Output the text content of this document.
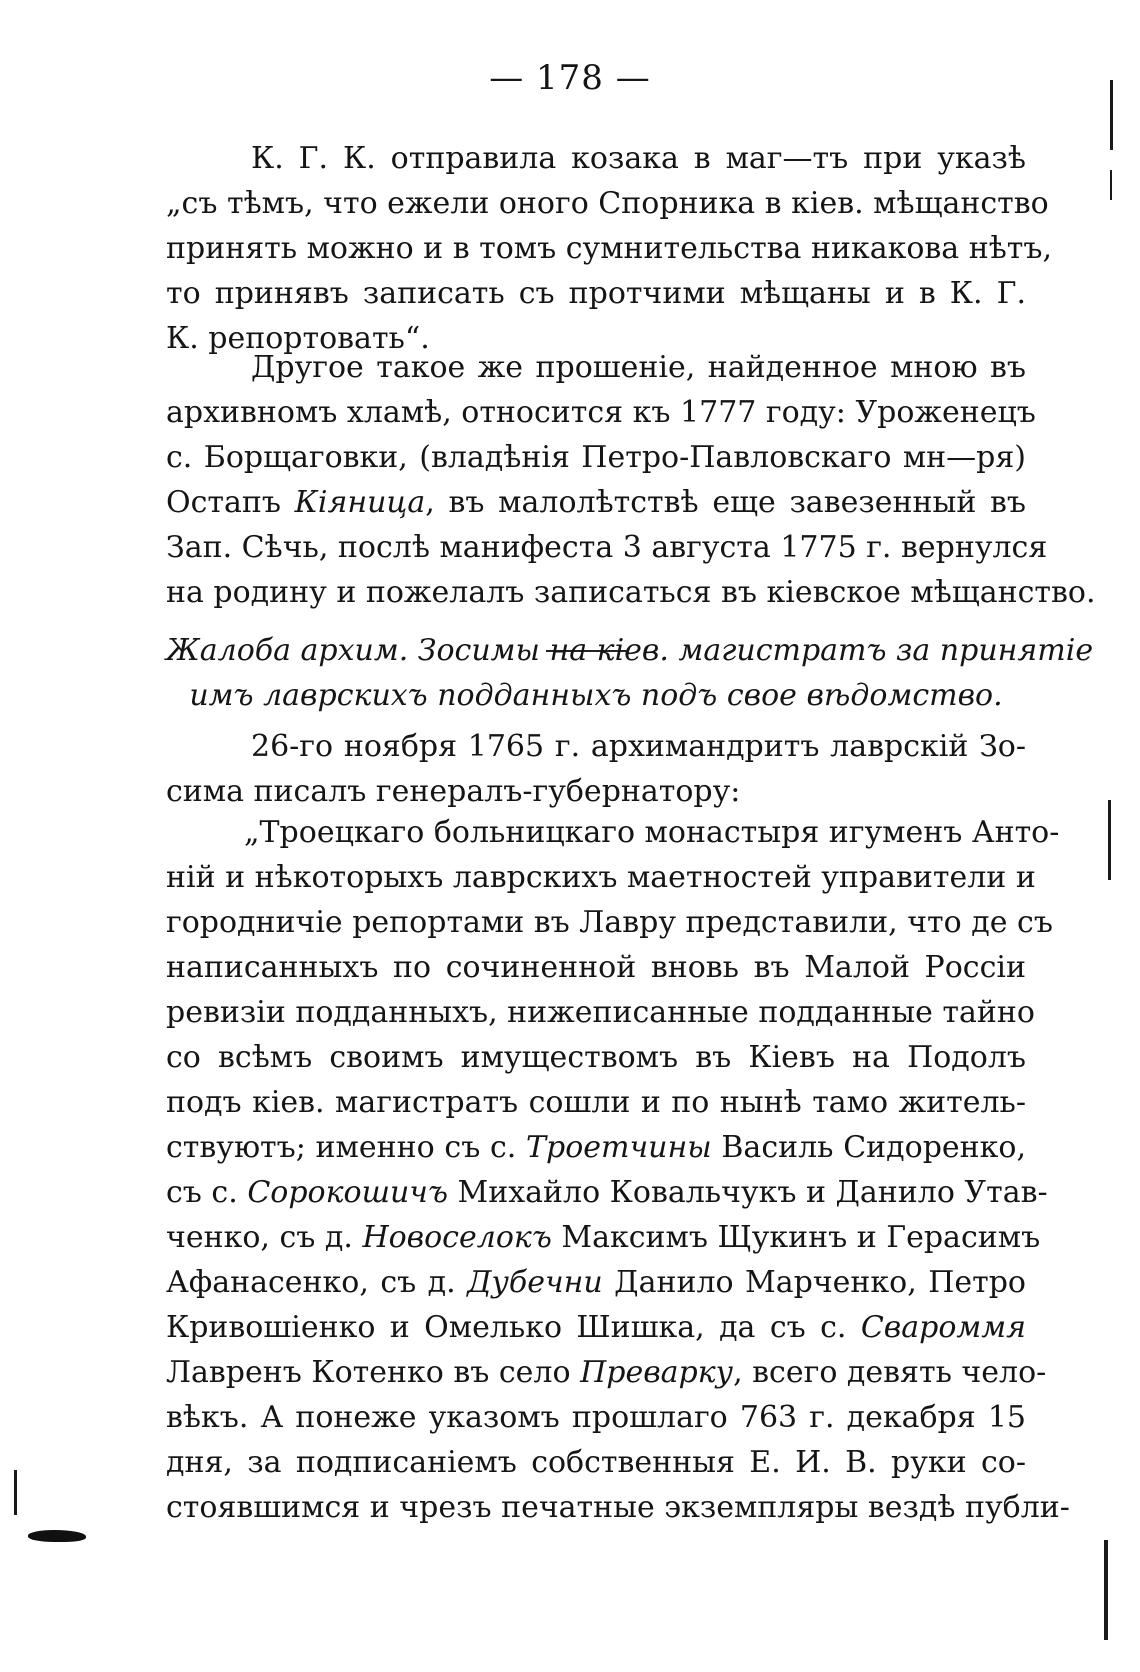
— 178 —
К. Г. К. отправила козака в маг—тъ при указѣ
„съ тѣмъ, что ежели оного Спорника в кіев. мѣщанство
принять можно и в томъ сумнительства никакова нѣтъ,
то принявъ записать съ протчими мѣщаны и в К. Г.
К. репортовать“.
Другое такое же прошеніе, найденное мною въ
архивномъ хламѣ, относится къ 1777 году: Уроженецъ
с. Борщаговки, (владѣнія Петро-Павловскаго мн—ря)
Остапъ Кіяница, въ малолѣтствѣ еще завезенный въ
Зап. Сѣчь, послѣ манифеста 3 августа 1775 г. вернулся
на родину и пожелалъ записаться въ кіевское мѣщанство.
Жалоба архим. Зосимы на кіев. магистратъ за принятіе
имъ лаврскихъ подданныхъ подъ свое вѣдомство.
26-го ноября 1765 г. архимандритъ лаврскій Зо-
сима писалъ генералъ-губернатору:
„Троецкаго больницкаго монастыря игуменъ Анто-
ній и нѣкоторыхъ лаврскихъ маетностей управители и
городничіе репортами въ Лавру представили, что де съ
написанныхъ по сочиненной вновь въ Малой Россіи
ревизіи подданныхъ, нижеписанные подданные тайно
со всѣмъ своимъ имуществомъ въ Кіевъ на Подолъ
подъ кіев. магистратъ сошли и по нынѣ тамо житель-
ствуютъ; именно съ с. Троетчины Василь Сидоренко,
съ с. Сорокошичъ Михайло Ковальчукъ и Данило Утав-
ченко, съ д. Новоселокъ Максимъ Щукинъ и Герасимъ
Афанасенко, съ д. Дубечни Данило Марченко, Петро
Кривошіенко и Омелько Шишка, да съ с. Свароммя
Лавренъ Котенко въ село Преварку, всего девять чело-
вѣкъ. А понеже указомъ прошлаго 763 г. декабря 15
дня, за подписаніемъ собственныя Е. И. В. руки со-
стоявшимся и чрезъ печатные экземпляры вездѣ публи-
